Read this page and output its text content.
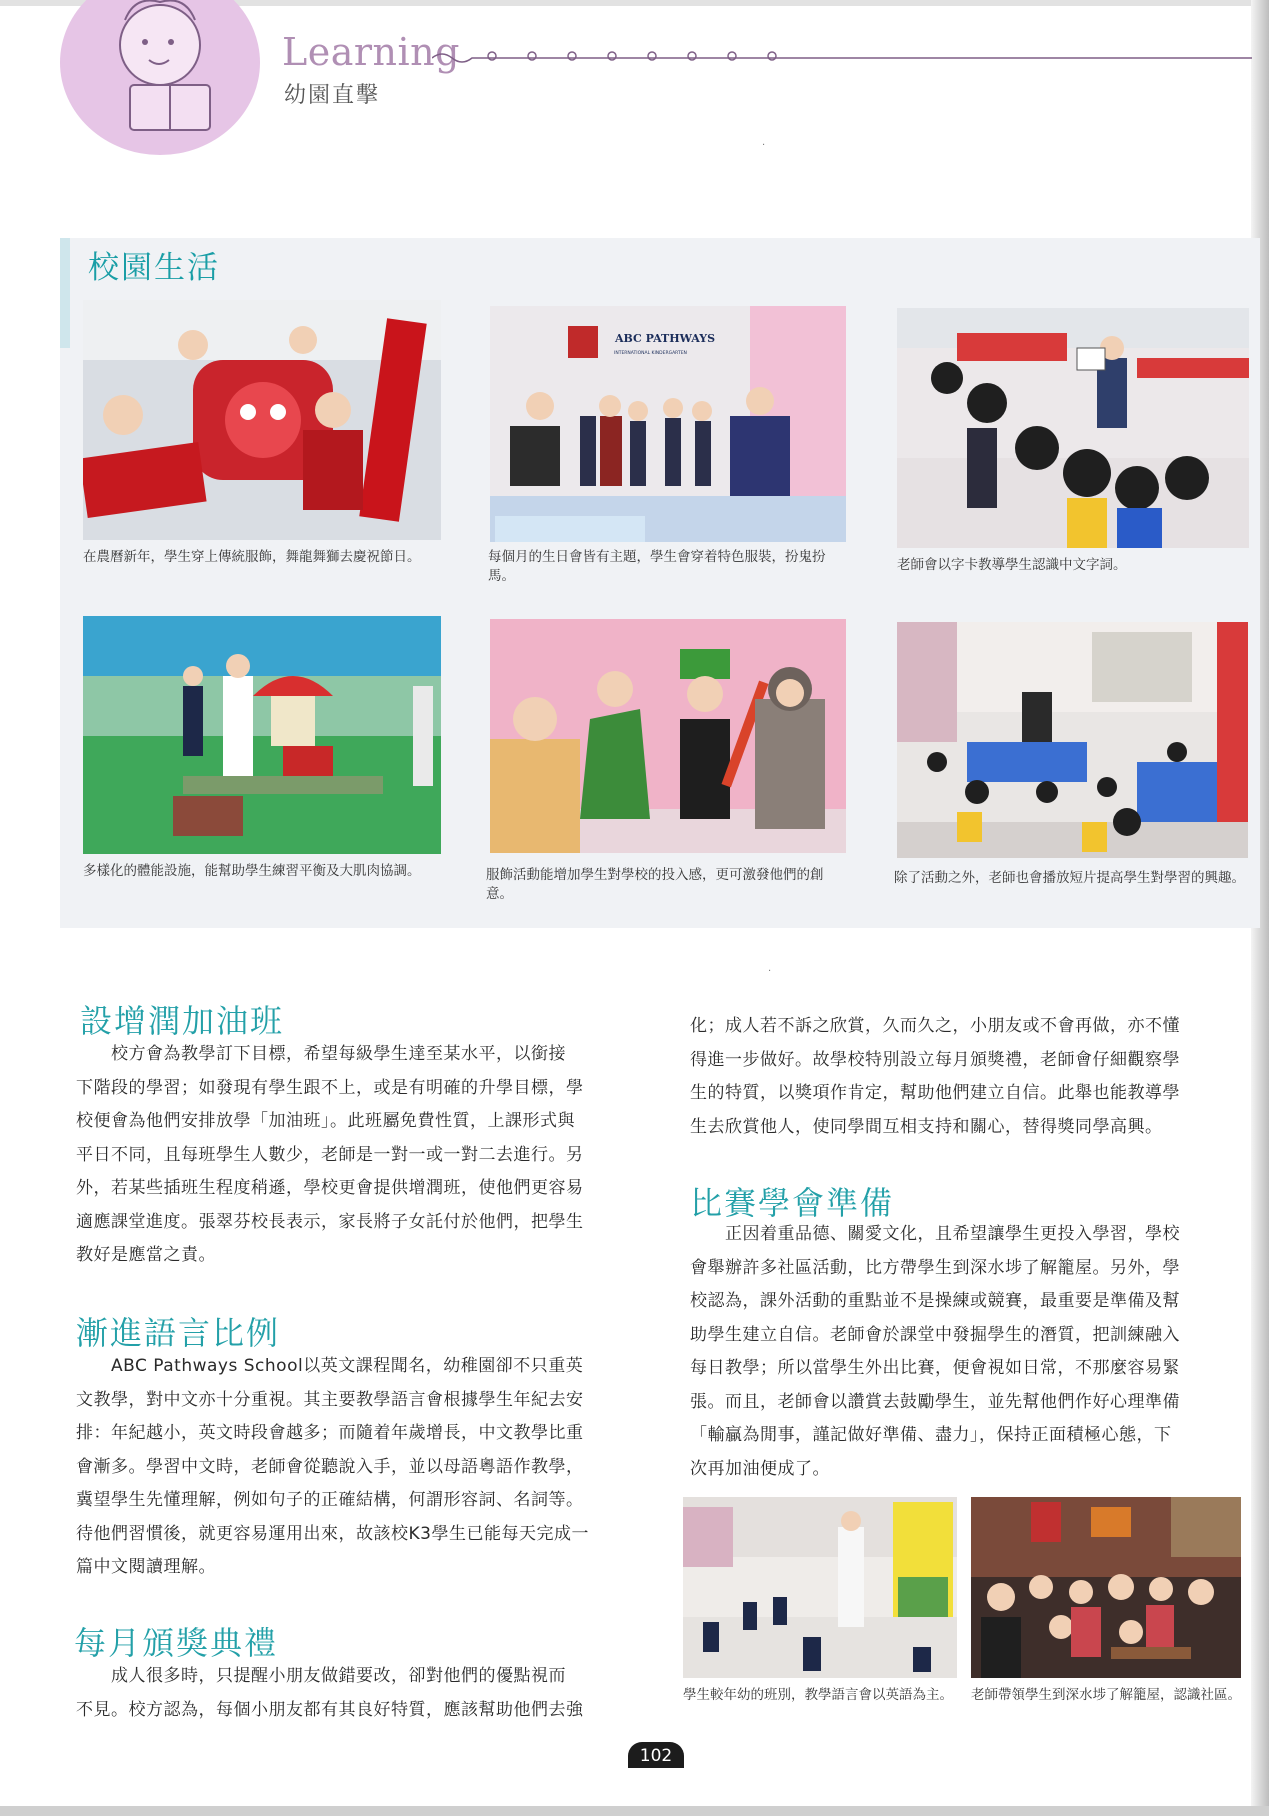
Learning
幼園直擊
·
校園生活
在農曆新年，學生穿上傳統服飾，舞龍舞獅去慶祝節日。
ABC PATHWAYS
INTERNATIONAL KINDERGARTEN
每個月的生日會皆有主題，學生會穿着特色服裝，扮鬼扮馬。
老師會以字卡教導學生認識中文字詞。
多樣化的體能設施，能幫助學生練習平衡及大肌肉協調。	服飾活動能增加學生對學校的投入感，更可激發他們的創意。
除了活動之外，老師也會播放短片提高學生對學習的興趣。
·
設增潤加油班
　　校方會為教學訂下目標，希望每級學生達至某水平，以銜接
下階段的學習；如發現有學生跟不上，或是有明確的升學目標，學
校便會為他們安排放學「加油班」。此班屬免費性質，上課形式與
平日不同，且每班學生人數少，老師是一對一或一對二去進行。另
外，若某些插班生程度稍遜，學校更會提供增潤班，使他們更容易
適應課堂進度。張翠芬校長表示，家長將子女託付於他們，把學生
教好是應當之責。
漸進語言比例
　　ABC Pathways School以英文課程聞名，幼稚園卻不只重英
文教學，對中文亦十分重視。其主要教學語言會根據學生年紀去安
排：年紀越小，英文時段會越多；而隨着年歲增長，中文教學比重
會漸多。學習中文時，老師會從聽說入手，並以母語粵語作教學，
冀望學生先懂理解，例如句子的正確結構，何謂形容詞、名詞等。
待他們習慣後，就更容易運用出來，故該校K3學生已能每天完成一
篇中文閱讀理解。
每月頒獎典禮
　　成人很多時，只提醒小朋友做錯要改，卻對他們的優點視而
不見。校方認為，每個小朋友都有其良好特質，應該幫助他們去強
化；成人若不訴之欣賞，久而久之，小朋友或不會再做，亦不懂
得進一步做好。故學校特別設立每月頒獎禮，老師會仔細觀察學
生的特質，以獎項作肯定，幫助他們建立自信。此舉也能教導學
生去欣賞他人，使同學間互相支持和關心，替得獎同學高興。
比賽學會準備
　　正因着重品德、關愛文化，且希望讓學生更投入學習，學校
會舉辦許多社區活動，比方帶學生到深水埗了解籠屋。另外，學
校認為，課外活動的重點並不是操練或競賽，最重要是準備及幫
助學生建立自信。老師會於課堂中發掘學生的潛質，把訓練融入
每日教學；所以當學生外出比賽，便會視如日常，不那麼容易緊
張。而且，老師會以讚賞去鼓勵學生，並先幫他們作好心理準備
「輸贏為閒事，謹記做好準備、盡力」，保持正面積極心態，下
次再加油便成了。
學生較年幼的班別，教學語言會以英語為主。	老師帶領學生到深水埗了解籠屋，認識社區。
102
